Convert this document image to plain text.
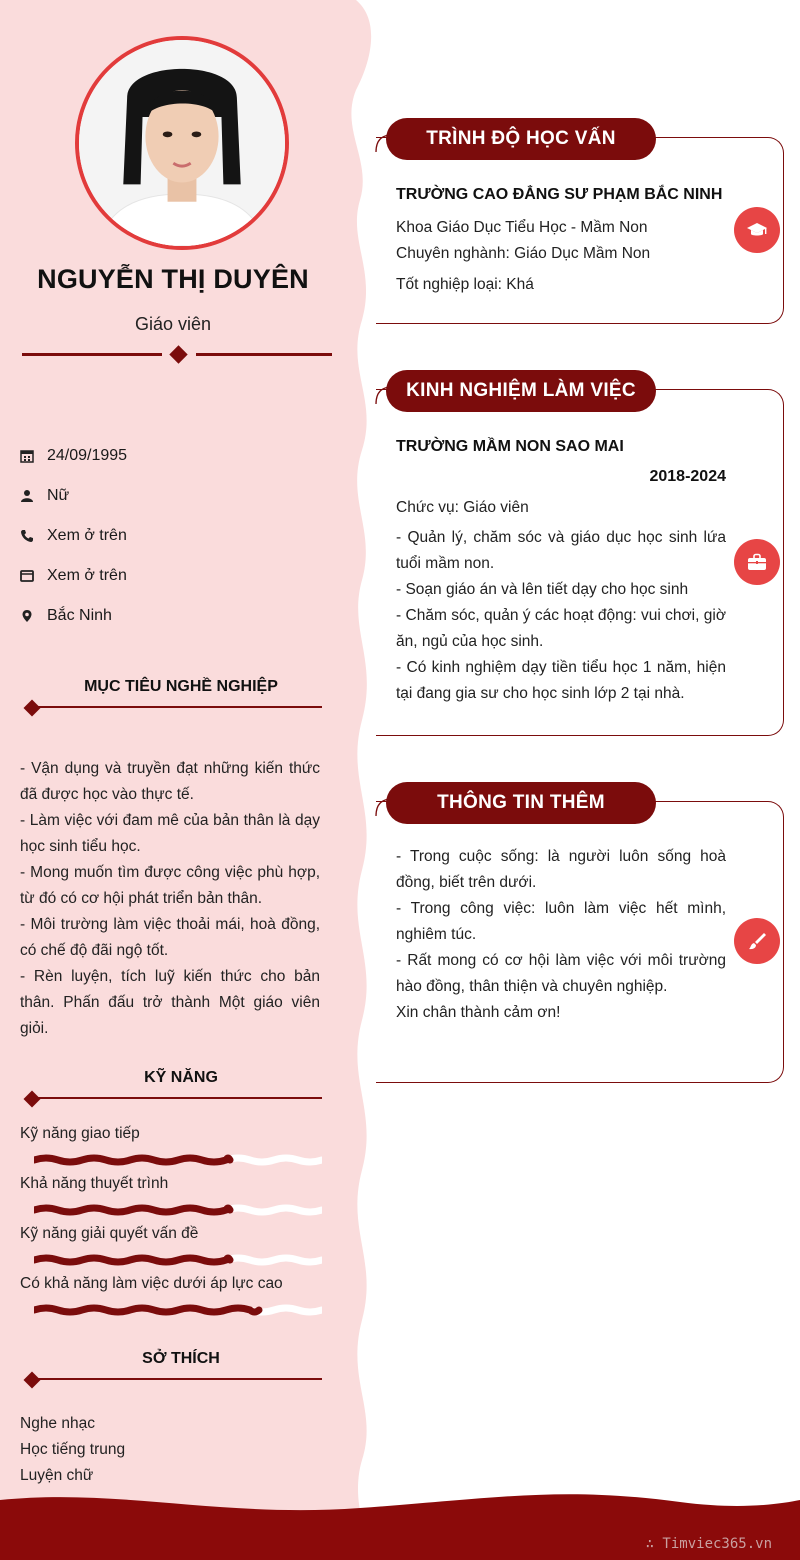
∴ Timviec365.vn
NGUYỄN THỊ DUYÊN
Giáo viên
24/09/1995
Nữ
Xem ở trên
Xem ở trên
Bắc Ninh
MỤC TIÊU NGHỀ NGHIỆP
- Vận dụng và truyền đạt những kiến thức đã được học vào thực tế.
- Làm việc với đam mê của bản thân là dạy học sinh tiểu học.
- Mong muốn tìm được công việc phù hợp, từ đó có cơ hội phát triển bản thân.
- Môi trường làm việc thoải mái, hoà đồng, có chế độ đãi ngộ tốt.
- Rèn luyện, tích luỹ kiến thức cho bản thân. Phấn đấu trở thành Một giáo viên giỏi.
KỸ NĂNG
Kỹ năng giao tiếp
Khả năng thuyết trình
Kỹ năng giải quyết vấn đề
Có khả năng làm việc dưới áp lực cao
SỞ THÍCH
Nghe nhạc
Học tiếng trung
Luyện chữ
TRÌNH ĐỘ HỌC VẤN
TRƯỜNG CAO ĐẲNG SƯ PHẠM BẮC NINH
Khoa Giáo Dục Tiểu Học - Mầm Non
Chuyên nghành: Giáo Dục Mầm Non
Tốt nghiệp loại: Khá
KINH NGHIỆM LÀM VIỆC
TRƯỜNG MẦM NON SAO MAI
2018-2024
Chức vụ: Giáo viên
- Quản lý, chăm sóc và giáo dục học sinh lứa tuổi mầm non.
- Soạn giáo án và lên tiết dạy cho học sinh
- Chăm sóc, quản ý các hoạt động: vui chơi, giờ ăn, ngủ của học sinh.
- Có kinh nghiệm dạy tiền tiểu học 1 năm, hiện tại đang gia sư cho học sinh lớp 2 tại nhà.
THÔNG TIN THÊM
- Trong cuộc sống: là người luôn sống hoà đồng, biết trên dưới.
- Trong công việc: luôn làm việc hết mình, nghiêm túc.
- Rất mong có cơ hội làm việc với môi trường hào đồng, thân thiện và chuyên nghiệp.
Xin chân thành cảm ơn!
